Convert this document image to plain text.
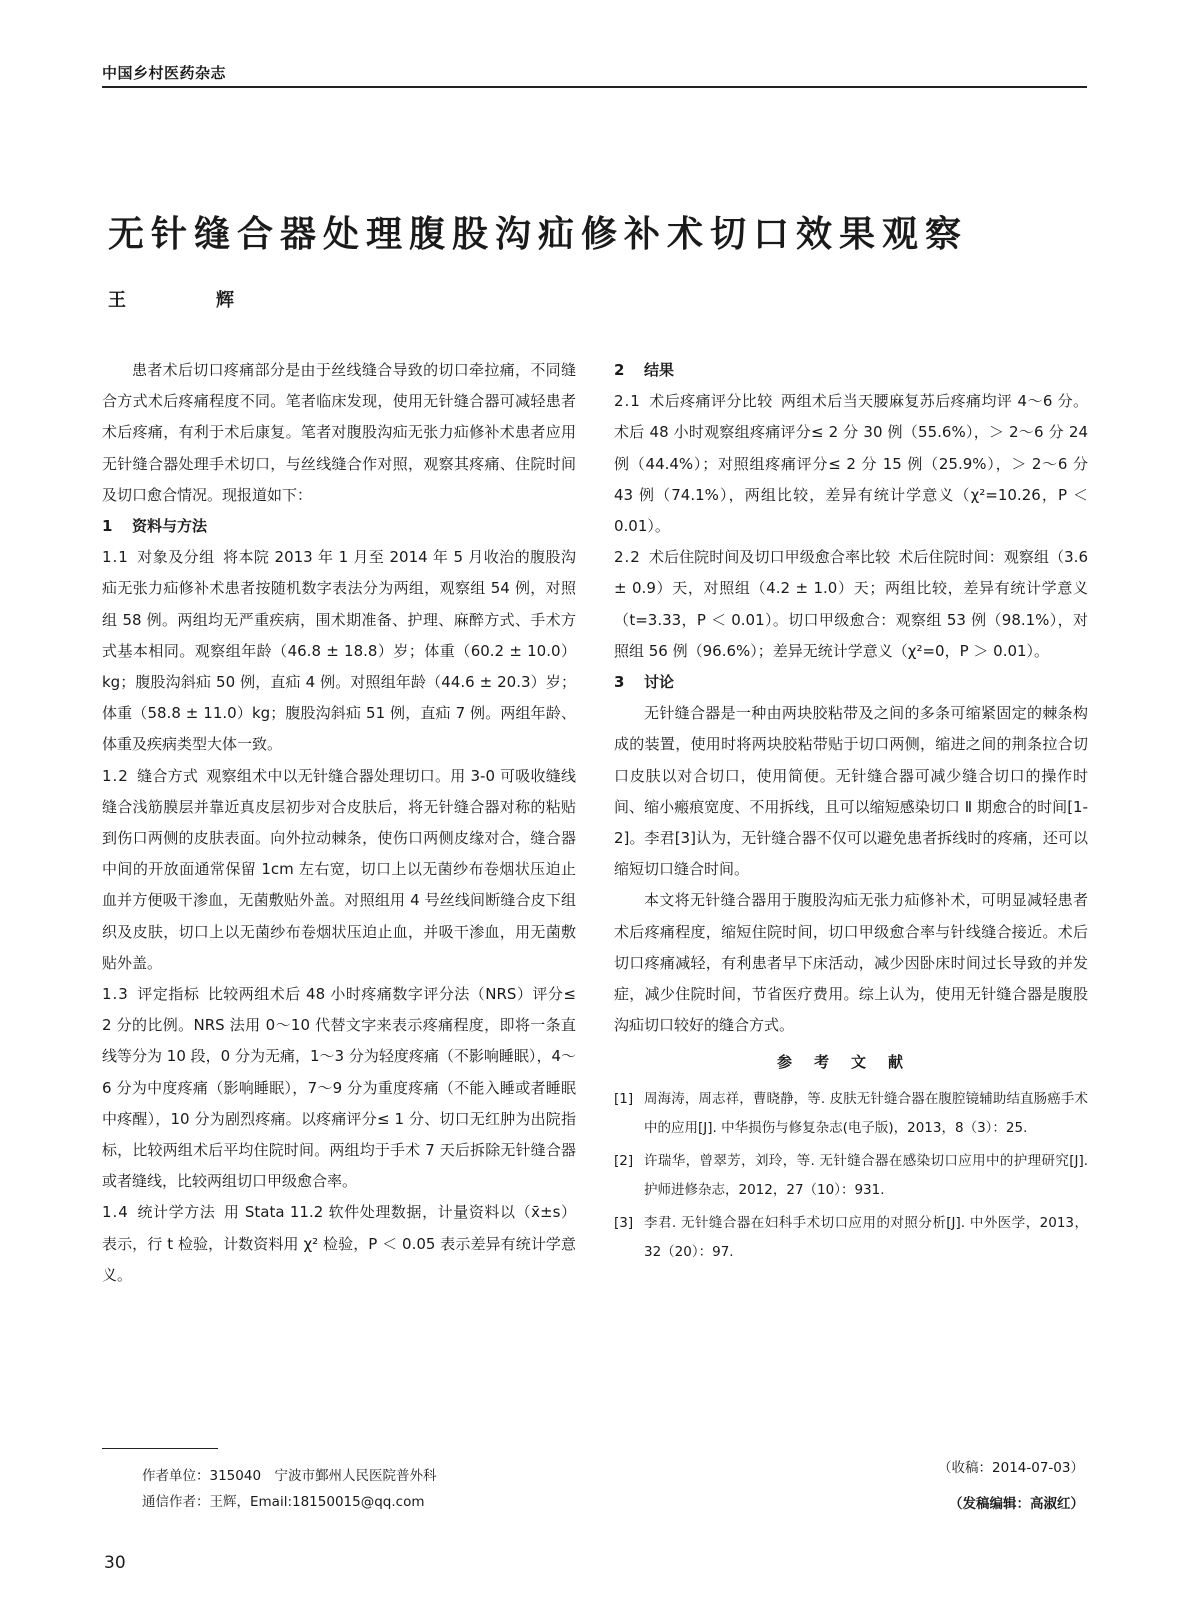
中国乡村医药杂志
无针缝合器处理腹股沟疝修补术切口效果观察
王　辉

患者术后切口疼痛部分是由于丝线缝合导致的切口牵拉痛，不同缝合方式术后疼痛程度不同。笔者临床发现，使用无针缝合器可减轻患者术后疼痛，有利于术后康复。笔者对腹股沟疝无张力疝修补术患者应用无针缝合器处理手术切口，与丝线缝合作对照，观察其疼痛、住院时间及切口愈合情况。现报道如下：

1 资料与方法

1.1 对象及分组 将本院 2013 年 1 月至 2014 年 5 月收治的腹股沟疝无张力疝修补术患者按随机数字表法分为两组，观察组 54 例，对照组 58 例。两组均无严重疾病，围术期准备、护理、麻醉方式、手术方式基本相同。观察组年龄（46.8 ± 18.8）岁；体重（60.2 ± 10.0）kg；腹股沟斜疝 50 例，直疝 4 例。对照组年龄（44.6 ± 20.3）岁；体重（58.8 ± 11.0）kg；腹股沟斜疝 51 例，直疝 7 例。两组年龄、体重及疾病类型大体一致。

1.2 缝合方式 观察组术中以无针缝合器处理切口。用 3-0 可吸收缝线缝合浅筋膜层并靠近真皮层初步对合皮肤后，将无针缝合器对称的粘贴到伤口两侧的皮肤表面。向外拉动棘条，使伤口两侧皮缘对合，缝合器中间的开放面通常保留 1cm 左右宽，切口上以无菌纱布卷烟状压迫止血并方便吸干渗血，无菌敷贴外盖。对照组用 4 号丝线间断缝合皮下组织及皮肤，切口上以无菌纱布卷烟状压迫止血，并吸干渗血，用无菌敷贴外盖。

1.3 评定指标 比较两组术后 48 小时疼痛数字评分法（NRS）评分≤ 2 分的比例。NRS 法用 0～10 代替文字来表示疼痛程度，即将一条直线等分为 10 段，0 分为无痛，1～3 分为轻度疼痛（不影响睡眠），4～6 分为中度疼痛（影响睡眠），7～9 分为重度疼痛（不能入睡或者睡眠中疼醒），10 分为剧烈疼痛。以疼痛评分≤ 1 分、切口无红肿为出院指标，比较两组术后平均住院时间。两组均于手术 7 天后拆除无针缝合器或者缝线，比较两组切口甲级愈合率。

1.4 统计学方法 用 Stata 11.2 软件处理数据，计量资料以（x̄±s）表示，行 t 检验，计数资料用 χ² 检验，P ＜ 0.05 表示差异有统计学意义。

2 结果

2.1 术后疼痛评分比较 两组术后当天腰麻复苏后疼痛均评 4～6 分。术后 48 小时观察组疼痛评分≤ 2 分 30 例（55.6%），＞ 2～6 分 24 例（44.4%）；对照组疼痛评分≤ 2 分 15 例（25.9%），＞ 2～6 分 43 例（74.1%），两组比较，差异有统计学意义（χ²=10.26，P ＜ 0.01）。

2.2 术后住院时间及切口甲级愈合率比较 术后住院时间：观察组（3.6 ± 0.9）天，对照组（4.2 ± 1.0）天；两组比较，差异有统计学意义（t=3.33，P ＜ 0.01）。切口甲级愈合：观察组 53 例（98.1%），对照组 56 例（96.6%）；差异无统计学意义（χ²=0，P ＞ 0.01）。

3 讨论

无针缝合器是一种由两块胶粘带及之间的多条可缩紧固定的棘条构成的装置，使用时将两块胶粘带贴于切口两侧，缩进之间的荆条拉合切口皮肤以对合切口，使用简便。无针缝合器可减少缝合切口的操作时间、缩小瘢痕宽度、不用拆线，且可以缩短感染切口 Ⅱ 期愈合的时间[1-2]。李君[3]认为，无针缝合器不仅可以避免患者拆线时的疼痛，还可以缩短切口缝合时间。

本文将无针缝合器用于腹股沟疝无张力疝修补术，可明显减轻患者术后疼痛程度，缩短住院时间，切口甲级愈合率与针线缝合接近。术后切口疼痛减轻，有利患者早下床活动，减少因卧床时间过长导致的并发症，减少住院时间，节省医疗费用。综上认为，使用无针缝合器是腹股沟疝切口较好的缝合方式。

参考文献
[1] 周海涛，周志祥，曹晓静，等. 皮肤无针缝合器在腹腔镜辅助结直肠癌手术中的应用[J]. 中华损伤与修复杂志(电子版)，2013，8（3）：25.
[2] 许瑞华，曾翠芳，刘玲，等. 无针缝合器在感染切口应用中的护理研究[J]. 护师进修杂志，2012，27（10）：931.
[3] 李君. 无针缝合器在妇科手术切口应用的对照分析[J]. 中外医学，2013，32（20）：97.
作者单位：315040　宁波市鄞州人民医院普外科
通信作者：王辉，Email:18150015@qq.com
（收稿：2014-07-03）
（发稿编辑：高淑红）
30
